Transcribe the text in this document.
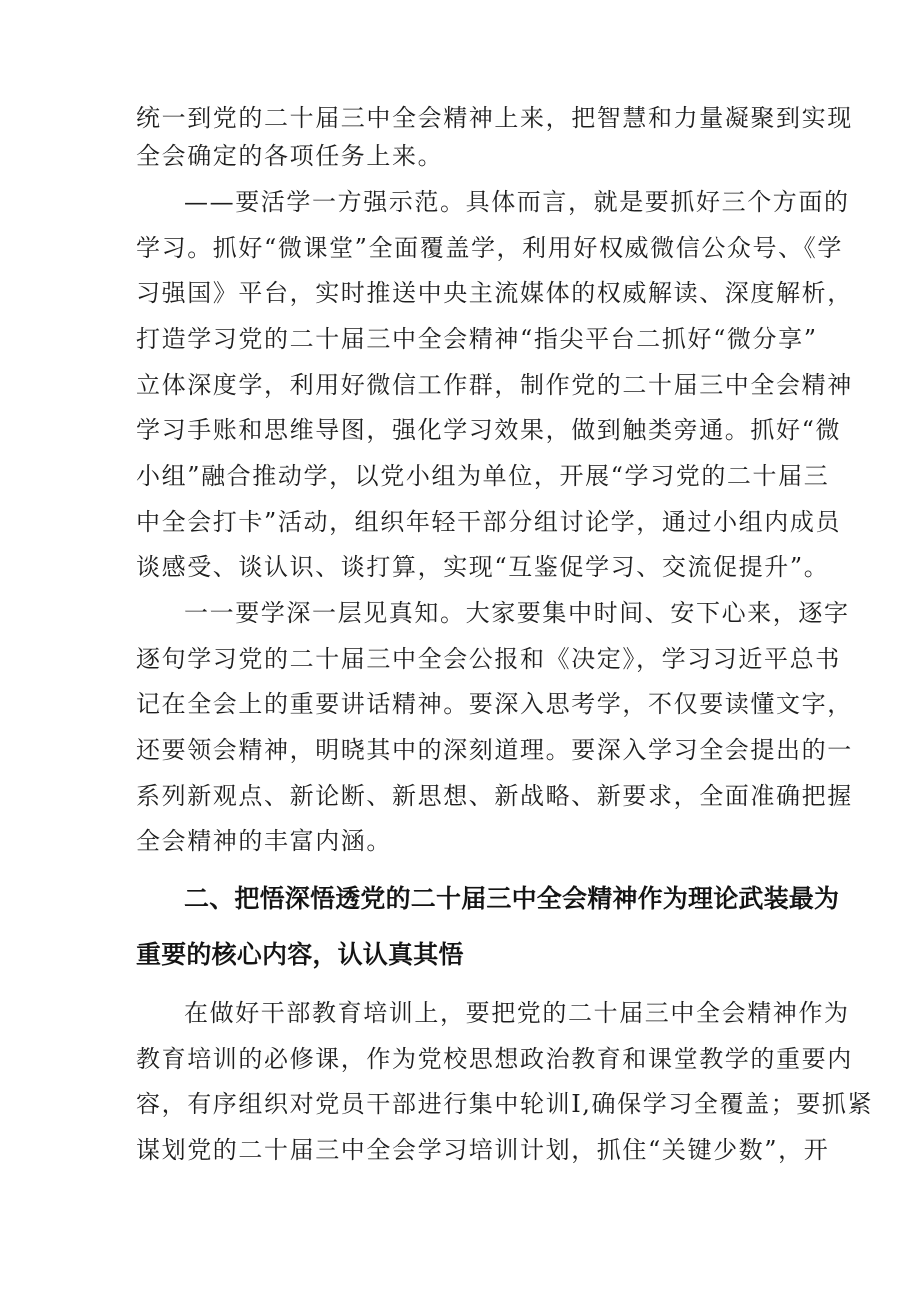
统一到党的二十届三中全会精神上来，把智慧和力量凝聚到实现
全会确定的各项任务上来。
——要活学一方强示范。具体而言，就是要抓好三个方面的
学习。抓好“微课堂”全面覆盖学，利用好权威微信公众号、《学
习强国》平台，实时推送中央主流媒体的权威解读、深度解析，
打造学习党的二十届三中全会精神“指尖平台二抓好“微分享”
立体深度学，利用好微信工作群，制作党的二十届三中全会精神
学习手账和思维导图，强化学习效果，做到触类旁通。抓好“微
小组”融合推动学，以党小组为单位，开展“学习党的二十届三
中全会打卡”活动，组织年轻干部分组讨论学，通过小组内成员
谈感受、谈认识、谈打算，实现“互鉴促学习、交流促提升”。
一一要学深一层见真知。大家要集中时间、安下心来，逐字
逐句学习党的二十届三中全会公报和《决定》，学习习近平总书
记在全会上的重要讲话精神。要深入思考学，不仅要读懂文字，
还要领会精神，明晓其中的深刻道理。要深入学习全会提出的一
系列新观点、新论断、新思想、新战略、新要求，全面准确把握
全会精神的丰富内涵。
二、把悟深悟透党的二十届三中全会精神作为理论武装最为
重要的核心内容，认认真其悟
在做好干部教育培训上，要把党的二十届三中全会精神作为
教育培训的必修课，作为党校思想政治教育和课堂教学的重要内
容，有序组织对党员干部进行集中轮训I,确保学习全覆盖；要抓紧
谋划党的二十届三中全会学习培训计划，抓住“关键少数”，开
